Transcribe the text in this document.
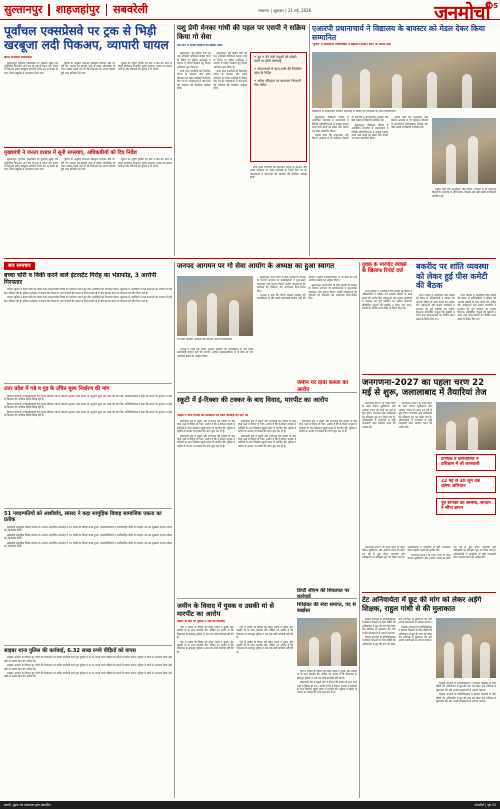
सुल्तानपुर शाहजहांपुर सबवरेली	लखनऊ | शुक्रवार | 21 मई, 2026	जनमोर्चा
05
पूर्वांचल एक्सप्रेसवे पर ट्रक से भिड़ी खरबूजा लदी पिकअप, व्यापारी घायल
हिन्दी जनमोर्चा संवाददाता

सुल्तानपुर। पूर्वांचल एक्सप्रेसवे पर शुक्रवार सुबह एक अनियंत्रित पिकअप आगे चल रहे ट्रक से टकरा गई। हादसे में पिकअप सवार खरबूजा व्यापारी गंभीर रूप से घायल हो गया, जिसे एम्बुलेंस से अस्पताल भेजा गया।

पुलिस के अनुसार पिकअप खरबूजा लादकर मंडी जा रही थी। चालक को झपकी आने से वाहन अनियंत्रित हो गया। टक्कर इतनी तेज थी कि पिकअप का अगला हिस्सा बुरी तरह क्षतिग्रस्त हो गया।

सूचना पर पहुंची यूपीडा की टीम ने क्रेन की मदद से वाहन हटवाकर यातायात सुचारु कराया। घायल का इलाज जारी है और परिजनों को सूचना दे दी गई है।

मुख्यमंत्री ने जनता दरबार में सुनी समस्याएं, अधिकारियों को दिए निर्देश

सुल्तानपुर। पूर्वांचल एक्सप्रेसवे पर शुक्रवार सुबह एक अनियंत्रित पिकअप आगे चल रहे ट्रक से टकरा गई। हादसे में पिकअप सवार खरबूजा व्यापारी गंभीर रूप से घायल हो गया, जिसे एम्बुलेंस से अस्पताल भेजा गया।

पुलिस के अनुसार पिकअप खरबूजा लादकर मंडी जा रही थी। चालक को झपकी आने से वाहन अनियंत्रित हो गया। टक्कर इतनी तेज थी कि पिकअप का अगला हिस्सा बुरी तरह क्षतिग्रस्त हो गया।

सूचना पर पहुंची यूपीडा की टीम ने क्रेन की मदद से वाहन हटवाकर यातायात सुचारु कराया। घायल का इलाज जारी है और परिजनों को सूचना दे दी गई है।

पशु प्रेमी मेनका गांधी की पहल पर एसपी ने सक्रिय किया गो सेवा
दस दिन में गोवंश संरक्षण का खाका तैयार

सुल्तानपुर। पूर्व केंद्रीय मंत्री एवं पशु अधिकार कार्यकर्ता मेनका गांधी के निर्देश पर पुलिस अधीक्षक ने जनपद में गोवंश संरक्षण हेतु विशेष अभियान शुरू किया है।

सभी थाना प्रभारियों को निराश्रित गोवंश के संरक्षण और अवैध परिवहन पर सख्त कार्रवाई के निर्देश दिए गए हैं। गोशालाओं में चारे-पानी की व्यवस्था की नियमित समीक्षा होगी।

सुल्तानपुर। पूर्व केंद्रीय मंत्री एवं पशु अधिकार कार्यकर्ता मेनका गांधी के निर्देश पर पुलिस अधीक्षक ने जनपद में गोवंश संरक्षण हेतु विशेष अभियान शुरू किया है।

सभी थाना प्रभारियों को निराश्रित गोवंश के संरक्षण और अवैध परिवहन पर सख्त कार्रवाई के निर्देश दिए गए हैं। गोशालाओं में चारे-पानी की व्यवस्था की नियमित समीक्षा होगी।

• दूध न देने वाले पशुओं को छोड़ने वालों पर होगी कार्रवाई
• गोशालाओं में चारा-पानी की नियमित जांच के निर्देश
• अवैध परिवहन पर थानावार निगरानी टीम गठित

सभी थाना प्रभारियों को निराश्रित गोवंश के संरक्षण और अवैध परिवहन पर सख्त कार्रवाई के निर्देश दिए गए हैं। गोशालाओं में चारे-पानी की व्यवस्था की नियमित समीक्षा होगी।

एआरपी प्रधानाचार्य ने विद्यालय के बावस्टर को मेडल देकर किया सम्मानित
'चुनाव' में वाॅलिंटियर गतिविधियों में बेहतरीन प्रदर्शन करने पर अर्पित सिंह
विद्यालय में आयोजित सम्मान समारोह में छात्रों एवं शिक्षकों के साथ प्रधानाचार्य

सुल्तानपुर। विद्यालय परिसर में आयोजित समारोह में प्रधानाचार्य ने विभिन्न प्रतियोगिताओं में उत्कृष्ट प्रदर्शन करने वाले छात्रों को मेडल और प्रमाण पत्र देकर सम्मानित किया।

उन्होंने कहा कि अनुशासन और निरंतर अभ्यास से ही सफलता मिलती है। समारोह में अभिभावक, शिक्षक और बड़ी संख्या में विद्यार्थी उपस्थित रहे।

सुल्तानपुर। विद्यालय परिसर में आयोजित समारोह में प्रधानाचार्य ने विभिन्न प्रतियोगिताओं में उत्कृष्ट प्रदर्शन करने वाले छात्रों को मेडल और प्रमाण पत्र देकर सम्मानित किया।

उन्होंने कहा कि अनुशासन और निरंतर अभ्यास से ही सफलता मिलती है। समारोह में अभिभावक, शिक्षक और बड़ी संख्या में विद्यार्थी उपस्थित रहे।

उन्होंने कहा कि अनुशासन और निरंतर अभ्यास से ही सफलता मिलती है। समारोह में अभिभावक, शिक्षक और बड़ी संख्या में विद्यार्थी उपस्थित रहे।

सार समाचार
बच्चा चोरी व विकी करने वाले इंटरस्टेट गिरोह का भंडाफोड़, 3 आरोपी गिरफ्तार

जनपद पुलिस ने बच्चा चोरी कर बेचने वाले अंतरराज्यीय गिरोह का पर्दाफाश करते हुए तीन आरोपियों को गिरफ्तार किया। पूछताछ में आरोपियों ने कई घटनाओं को अंजाम देने की बात स्वीकार की है। पुलिस अधीक्षक ने बताया कि गिरोह के अन्य सदस्यों की तलाश में टीमें लगाई गई हैं और बरामद बच्चे को परिजनों को सौंप दिया गया है।

जनपद पुलिस ने बच्चा चोरी कर बेचने वाले अंतरराज्यीय गिरोह का पर्दाफाश करते हुए तीन आरोपियों को गिरफ्तार किया। पूछताछ में आरोपियों ने कई घटनाओं को अंजाम देने की बात स्वीकार की है। पुलिस अधीक्षक ने बताया कि गिरोह के अन्य सदस्यों की तलाश में टीमें लगाई गई हैं और बरामद बच्चे को परिजनों को सौंप दिया गया है।

उत्तर प्रदेश में गन्ने व गुड़ के उचित मूल्य निर्धारण की मांग

किसान संगठनों ने जिलाधिकारी को ज्ञापन सौंपकर गन्ने के बकाया भुगतान और लागत के अनुरूप मूल्य तय करने की मांग की। प्रतिनिधिमंडल ने कहा कि समय पर भुगतान न होने से किसानों की आर्थिक स्थिति बिगड़ रही है।

किसान संगठनों ने जिलाधिकारी को ज्ञापन सौंपकर गन्ने के बकाया भुगतान और लागत के अनुरूप मूल्य तय करने की मांग की। प्रतिनिधिमंडल ने कहा कि समय पर भुगतान न होने से किसानों की आर्थिक स्थिति बिगड़ रही है।

किसान संगठनों ने जिलाधिकारी को ज्ञापन सौंपकर गन्ने के बकाया भुगतान और लागत के अनुरूप मूल्य तय करने की मांग की। प्रतिनिधिमंडल ने कहा कि समय पर भुगतान न होने से किसानों की आर्थिक स्थिति बिगड़ रही है।

51 नवदम्पतियों को आशीर्वाद, सांसद ने कहा सामूहिक विवाह सामाजिक एकता का प्रतीक

मुख्यमंत्री सामूहिक विवाह योजना के अंतर्गत आयोजित समारोह में 51 जोड़ों का विवाह संपन्न हुआ। जनप्रतिनिधियों ने नवविवाहित जोड़ों को उपहार भेंट कर सुखमय दांपत्य जीवन का आशीर्वाद दिया।

मुख्यमंत्री सामूहिक विवाह योजना के अंतर्गत आयोजित समारोह में 51 जोड़ों का विवाह संपन्न हुआ। जनप्रतिनिधियों ने नवविवाहित जोड़ों को उपहार भेंट कर सुखमय दांपत्य जीवन का आशीर्वाद दिया।

मुख्यमंत्री सामूहिक विवाह योजना के अंतर्गत आयोजित समारोह में 51 जोड़ों का विवाह संपन्न हुआ। जनप्रतिनिधियों ने नवविवाहित जोड़ों को उपहार भेंट कर सुखमय दांपत्य जीवन का आशीर्वाद दिया।

साइबर थाना पुलिस की कार्रवाई, 6.32 लाख रुपये पीड़ितों को वापस

साइबर अपराध के शिकार हुए लोगों की शिकायत पर त्वरित कार्रवाई करते हुए पुलिस ने 6.32 लाख रुपये पीड़ितों के खातों में वापस कराए। पुलिस ने लोगों से अनजान लिंक और कॉल से सतर्क रहने की अपील की।

साइबर अपराध के शिकार हुए लोगों की शिकायत पर त्वरित कार्रवाई करते हुए पुलिस ने 6.32 लाख रुपये पीड़ितों के खातों में वापस कराए। पुलिस ने लोगों से अनजान लिंक और कॉल से सतर्क रहने की अपील की।

साइबर अपराध के शिकार हुए लोगों की शिकायत पर त्वरित कार्रवाई करते हुए पुलिस ने 6.32 लाख रुपये पीड़ितों के खातों में वापस कराए। पुलिस ने लोगों से अनजान लिंक और कॉल से सतर्क रहने की अपील की।

जनपद आगमन पर गो सेवा आयोग के अध्यक्ष का हुआ स्वागत
गो सेवा आयोग अध्यक्ष का स्वागत करते पदाधिकारी

सुल्तानपुर। उत्तर प्रदेश गो सेवा आयोग के अध्यक्ष के जनपद आगमन पर कार्यकर्ताओं ने फूल-माला पहनाकर भव्य स्वागत किया। उन्होंने गोशालाओं की व्यवस्था का निरीक्षण कर आवश्यक दिशा-निर्देश दिए।

अध्यक्ष ने कहा कि गोवंश संरक्षण सरकार की प्राथमिकता है और इसमें लापरवाही बर्दाश्त नहीं की जाएगी। उन्होंने जनसहभागिता से गो सेवा को जन आंदोलन बनाने का आह्वान किया।

सुल्तानपुर। उत्तर प्रदेश गो सेवा आयोग के अध्यक्ष के जनपद आगमन पर कार्यकर्ताओं ने फूल-माला पहनाकर भव्य स्वागत किया। उन्होंने गोशालाओं की व्यवस्था का निरीक्षण कर आवश्यक दिशा-निर्देश दिए।

अध्यक्ष ने कहा कि गोवंश संरक्षण सरकार की प्राथमिकता है और इसमें लापरवाही बर्दाश्त नहीं की जाएगी। उन्होंने जनसहभागिता से गो सेवा को जन आंदोलन बनाने का आह्वान किया।

जमीन पर दावा कब्जा का आरोप
स्कूटी में ई-रिक्शा की टक्कर के बाद विवाद, मारपीट का आरोप
पीड़ित ने थाना प्रभारी को शिकायत पत्र देकर कार्रवाई की मांग की

कोतवाली क्षेत्र में स्कूटी और ई-रिक्शा की टक्कर के बाद दोनों पक्षों में विवाद हो गया। आरोप है कि ई-रिक्शा चालक ने साथियों के साथ मिलकर स्कूटी सवार से मारपीट की। पुलिस ने तहरीर के आधार पर मामले की जांच शुरू कर दी है।

कोतवाली क्षेत्र में स्कूटी और ई-रिक्शा की टक्कर के बाद दोनों पक्षों में विवाद हो गया। आरोप है कि ई-रिक्शा चालक ने साथियों के साथ मिलकर स्कूटी सवार से मारपीट की। पुलिस ने तहरीर के आधार पर मामले की जांच शुरू कर दी है।

कोतवाली क्षेत्र में स्कूटी और ई-रिक्शा की टक्कर के बाद दोनों पक्षों में विवाद हो गया। आरोप है कि ई-रिक्शा चालक ने साथियों के साथ मिलकर स्कूटी सवार से मारपीट की। पुलिस ने तहरीर के आधार पर मामले की जांच शुरू कर दी है।

कोतवाली क्षेत्र में स्कूटी और ई-रिक्शा की टक्कर के बाद दोनों पक्षों में विवाद हो गया। आरोप है कि ई-रिक्शा चालक ने साथियों के साथ मिलकर स्कूटी सवार से मारपीट की। पुलिस ने तहरीर के आधार पर मामले की जांच शुरू कर दी है।

कोतवाली क्षेत्र में स्कूटी और ई-रिक्शा की टक्कर के बाद दोनों पक्षों में विवाद हो गया। आरोप है कि ई-रिक्शा चालक ने साथियों के साथ मिलकर स्कूटी सवार से मारपीट की। पुलिस ने तहरीर के आधार पर मामले की जांच शुरू कर दी है।

डिप्टी सीएम की शिकायत पर कार्रवाई
जमीन के विवाद में युवक व उसकी मां से मारपीट का आरोप
तहरीर के बाद भी पुलिस ने नहीं की कार्रवाई

गांव में जमीन के विवाद को लेकर दबंगों ने युवक और उसकी मां के साथ मारपीट की। पीड़ित का आरोप है कि शिकायत के बावजूद पुलिस ने अब तक कोई कार्रवाई नहीं की है।

गांव में जमीन के विवाद को लेकर दबंगों ने युवक और उसकी मां के साथ मारपीट की। पीड़ित का आरोप है कि शिकायत के बावजूद पुलिस ने अब तक कोई कार्रवाई नहीं की है।

गांव में जमीन के विवाद को लेकर दबंगों ने युवक और उसकी मां के साथ मारपीट की। पीड़ित का आरोप है कि शिकायत के बावजूद पुलिस ने अब तक कोई कार्रवाई नहीं की है।

गांव में जमीन के विवाद को लेकर दबंगों ने युवक और उसकी मां के साथ मारपीट की। पीड़ित का आरोप है कि शिकायत के बावजूद पुलिस ने अब तक कोई कार्रवाई नहीं की है।

शिक्षिका की सेवा समाप्त, पद से बर्खास्त

गांव में जमीन के विवाद को लेकर दबंगों ने युवक और उसकी मां के साथ मारपीट की। पीड़ित का आरोप है कि शिकायत के बावजूद पुलिस ने अब तक कोई कार्रवाई नहीं की है।

कोतवाली क्षेत्र में स्कूटी और ई-रिक्शा की टक्कर के बाद दोनों पक्षों में विवाद हो गया। आरोप है कि ई-रिक्शा चालक ने साथियों के साथ मिलकर स्कूटी सवार से मारपीट की। पुलिस ने तहरीर के आधार पर मामले की जांच शुरू कर दी है।

युवक के मारपीट व्यक्ति के खिलाफ रिपोर्ट दर्ज

थाना परिसर में आयोजित पीस कमेटी की बैठक में अधिकारियों ने त्योहार को आपसी सौहार्द के साथ मनाने की अपील की। धर्मगुरुओं और संभ्रांत नागरिकों ने प्रशासन को पूर्ण सहयोग का भरोसा दिलाया। प्रतिबंधित पशुओं की कुर्बानी न करने तथा साफ-सफाई का विशेष ध्यान रखने के निर्देश दिए गए।

बकरीद पर शांति व्यवस्था को लेकर हुई पीस कमेटी की बैठक

थाना परिसर में आयोजित पीस कमेटी की बैठक में अधिकारियों ने त्योहार को आपसी सौहार्द के साथ मनाने की अपील की। धर्मगुरुओं और संभ्रांत नागरिकों ने प्रशासन को पूर्ण सहयोग का भरोसा दिलाया। प्रतिबंधित पशुओं की कुर्बानी न करने तथा साफ-सफाई का विशेष ध्यान रखने के निर्देश दिए गए।

थाना परिसर में आयोजित पीस कमेटी की बैठक में अधिकारियों ने त्योहार को आपसी सौहार्द के साथ मनाने की अपील की। धर्मगुरुओं और संभ्रांत नागरिकों ने प्रशासन को पूर्ण सहयोग का भरोसा दिलाया। प्रतिबंधित पशुओं की कुर्बानी न करने तथा साफ-सफाई का विशेष ध्यान रखने के निर्देश दिए गए।

जनगणना-2027 का पहला चरण 22 मई से शुरू, जलालाबाद में तैयारियां तेज

जनगणना-2027 के प्रथम चरण के तहत मकान सूचीकरण और आवास गणना का कार्य 22 मई से शुरू होगा। प्रगणकों और पर्यवेक्षकों का प्रशिक्षण पूरा कर लिया गया है। अधिकारियों ने नागरिकों से सही जानकारी देकर सहयोग करने की अपील की।

जनगणना-2027 के प्रथम चरण के तहत मकान सूचीकरण और आवास गणना का कार्य 22 मई से शुरू होगा। प्रगणकों और पर्यवेक्षकों का प्रशिक्षण पूरा कर लिया गया है। अधिकारियों ने नागरिकों से सही जानकारी देकर सहयोग करने की अपील की।

प्रगणक व कर्मचारियों ने प्रशिक्षण में ली जानकारी
22 मई से 30 जून तक चलेगा अभियान
पूर्व सैनिकों की समस्या, संगठन ने सौंपा ज्ञापन

जनगणना-2027 के प्रथम चरण के तहत मकान सूचीकरण और आवास गणना का कार्य 22 मई से शुरू होगा। प्रगणकों और पर्यवेक्षकों का प्रशिक्षण पूरा कर लिया गया है। अधिकारियों ने नागरिकों से सही जानकारी देकर सहयोग करने की अपील की।

जनगणना-2027 के प्रथम चरण के तहत मकान सूचीकरण और आवास गणना का कार्य 22 मई से शुरू होगा। प्रगणकों और पर्यवेक्षकों का प्रशिक्षण पूरा कर लिया गया है। अधिकारियों ने नागरिकों से सही जानकारी देकर सहयोग करने की अपील की।

टेट अनिवार्यता में छूट की मांग को लेकर अड़ेंगे शिक्षक, राहुल गांधी से की मुलाकात

शिक्षक संगठनों के प्रतिनिधिमंडल ने सेवारत शिक्षकों के लिए टीईटी की अनिवार्यता में छूट की मांग को लेकर नेता प्रतिपक्ष से मुलाकात की और अपनी समस्याओं से अवगत कराया।

शिक्षक संगठनों के प्रतिनिधिमंडल ने सेवारत शिक्षकों के लिए टीईटी की अनिवार्यता में छूट की मांग को लेकर नेता प्रतिपक्ष से मुलाकात की और अपनी समस्याओं से अवगत कराया।

शिक्षक संगठनों के प्रतिनिधिमंडल ने सेवारत शिक्षकों के लिए टीईटी की अनिवार्यता में छूट की मांग को लेकर नेता प्रतिपक्ष से मुलाकात की और अपनी समस्याओं से अवगत कराया।

शिक्षक संगठनों के प्रतिनिधिमंडल ने सेवारत शिक्षकों के लिए टीईटी की अनिवार्यता में छूट की मांग को लेकर नेता प्रतिपक्ष से मुलाकात की और अपनी समस्याओं से अवगत कराया।

शिक्षक संगठनों के प्रतिनिधिमंडल ने सेवारत शिक्षकों के लिए टीईटी की अनिवार्यता में छूट की मांग को लेकर नेता प्रतिपक्ष से मुलाकात की और अपनी समस्याओं से अवगत कराया।

स्वामी, मुद्रक एवं प्रकाशक द्वारा प्रकाशित	जनमोर्चा | पृष्ठ 05
